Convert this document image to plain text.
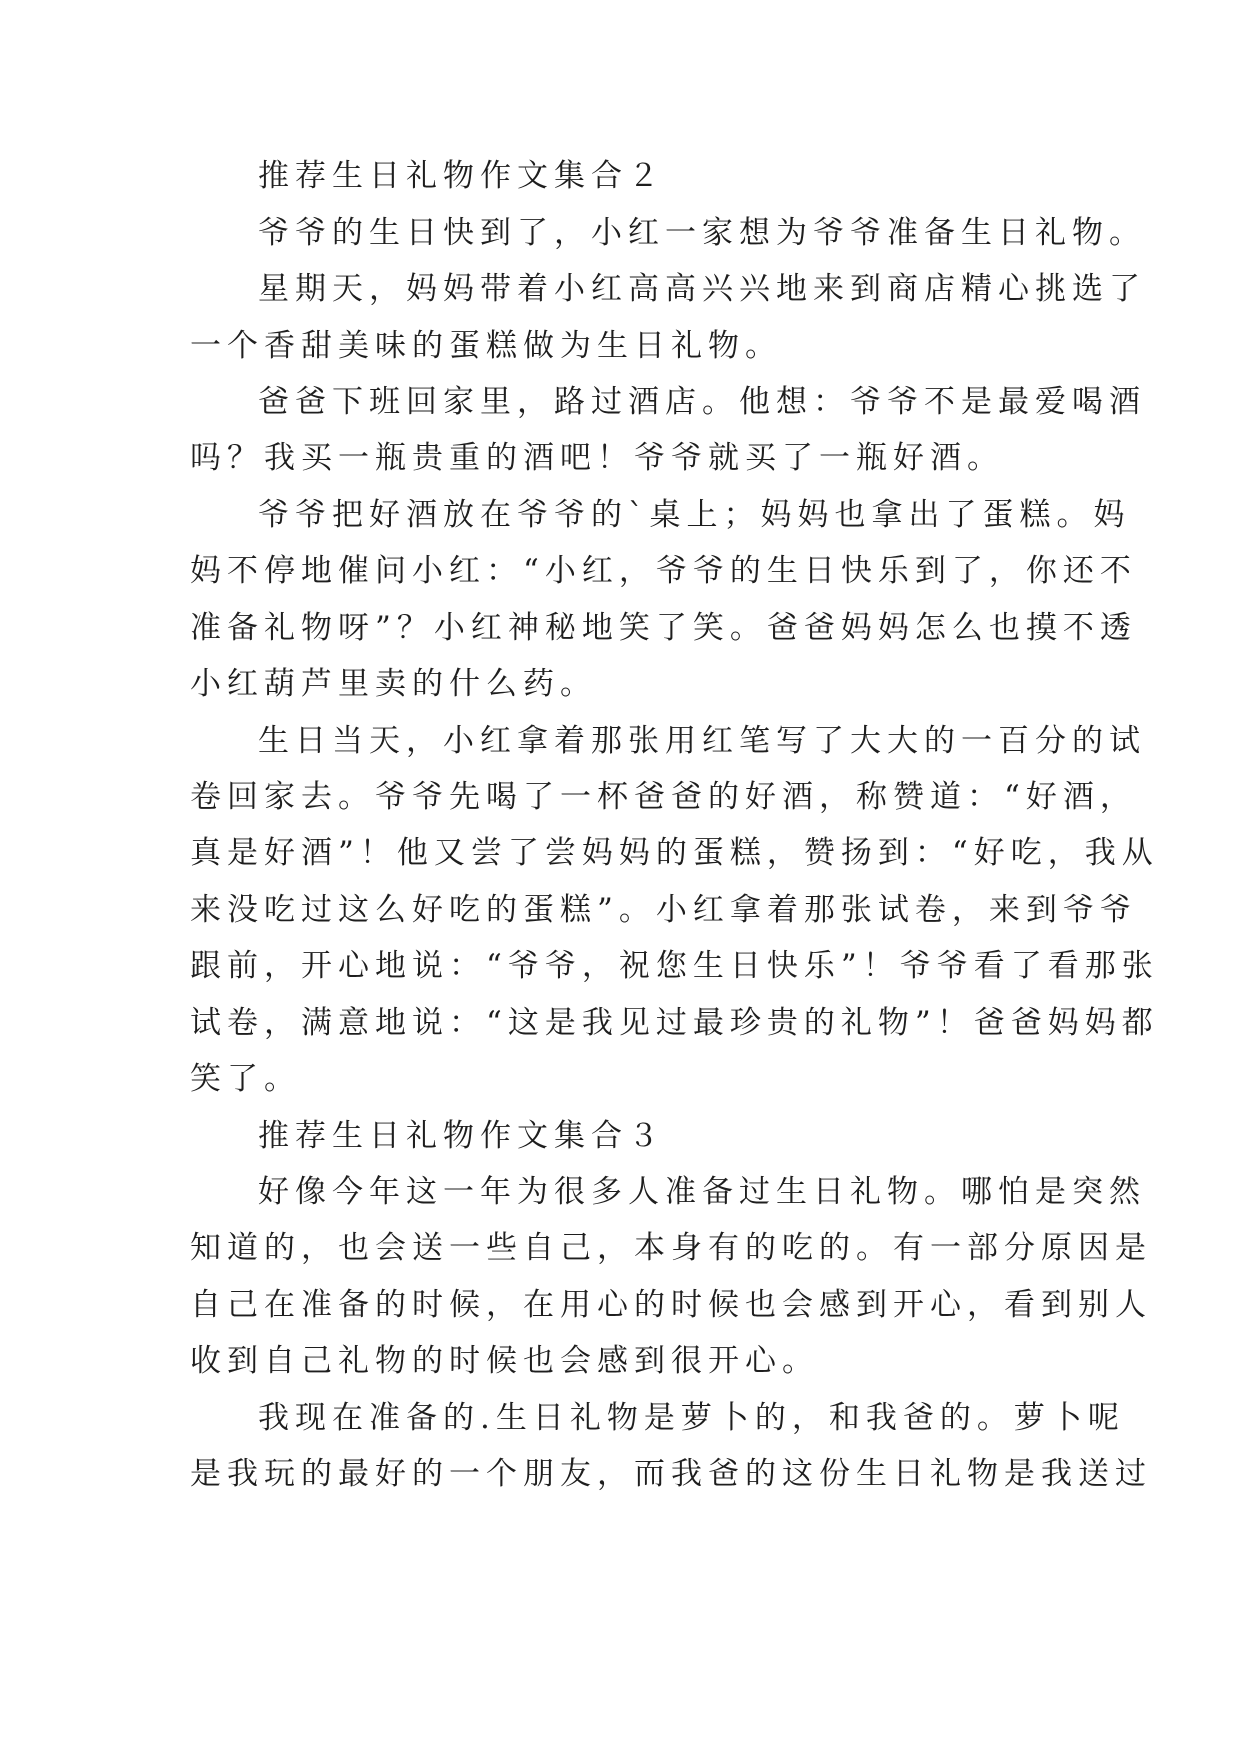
推荐生日礼物作文集合２
爷爷的生日快到了，小红一家想为爷爷准备生日礼物。
星期天，妈妈带着小红高高兴兴地来到商店精心挑选了
一个香甜美味的蛋糕做为生日礼物。
爸爸下班回家里，路过酒店。他想：爷爷不是最爱喝酒
吗？我买一瓶贵重的酒吧！爷爷就买了一瓶好酒。
爷爷把好酒放在爷爷的`桌上；妈妈也拿出了蛋糕。妈
妈不停地催问小红：“小红，爷爷的生日快乐到了，你还不
准备礼物呀”？小红神秘地笑了笑。爸爸妈妈怎么也摸不透
小红葫芦里卖的什么药。
生日当天，小红拿着那张用红笔写了大大的一百分的试
卷回家去。爷爷先喝了一杯爸爸的好酒，称赞道：“好酒，
真是好酒”！他又尝了尝妈妈的蛋糕，赞扬到：“好吃，我从
来没吃过这么好吃的蛋糕”。小红拿着那张试卷，来到爷爷
跟前，开心地说：“爷爷，祝您生日快乐”！爷爷看了看那张
试卷，满意地说：“这是我见过最珍贵的礼物”！爸爸妈妈都
笑了。
推荐生日礼物作文集合３
好像今年这一年为很多人准备过生日礼物。哪怕是突然
知道的，也会送一些自己，本身有的吃的。有一部分原因是
自己在准备的时候，在用心的时候也会感到开心，看到别人
收到自己礼物的时候也会感到很开心。
我现在准备的.生日礼物是萝卜的，和我爸的。萝卜呢
是我玩的最好的一个朋友，而我爸的这份生日礼物是我送过
